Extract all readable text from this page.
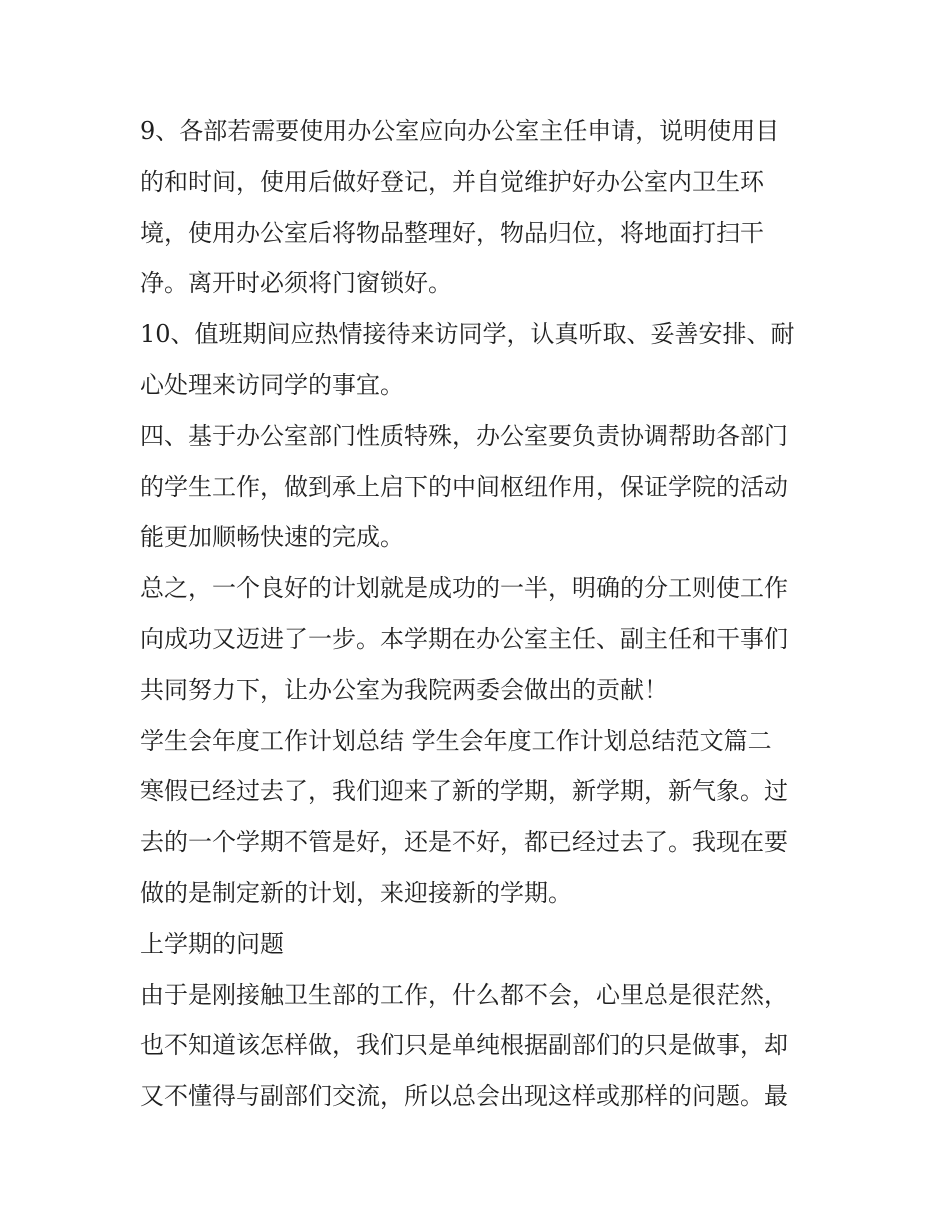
9、各部若需要使用办公室应向办公室主任申请，说明使用目
的和时间，使用后做好登记，并自觉维护好办公室内卫生环
境，使用办公室后将物品整理好，物品归位，将地面打扫干
净。离开时必须将门窗锁好。
10、值班期间应热情接待来访同学，认真听取、妥善安排、耐
心处理来访同学的事宜。
四、基于办公室部门性质特殊，办公室要负责协调帮助各部门
的学生工作，做到承上启下的中间枢纽作用，保证学院的活动
能更加顺畅快速的完成。
总之，一个良好的计划就是成功的一半，明确的分工则使工作
向成功又迈进了一步。本学期在办公室主任、副主任和干事们
共同努力下，让办公室为我院两委会做出的贡献！
学生会年度工作计划总结 学生会年度工作计划总结范文篇二
寒假已经过去了，我们迎来了新的学期，新学期，新气象。过
去的一个学期不管是好，还是不好，都已经过去了。我现在要
做的是制定新的计划，来迎接新的学期。
上学期的问题
由于是刚接触卫生部的工作，什么都不会，心里总是很茫然，
也不知道该怎样做，我们只是单纯根据副部们的只是做事，却
又不懂得与副部们交流，所以总会出现这样或那样的问题。最
